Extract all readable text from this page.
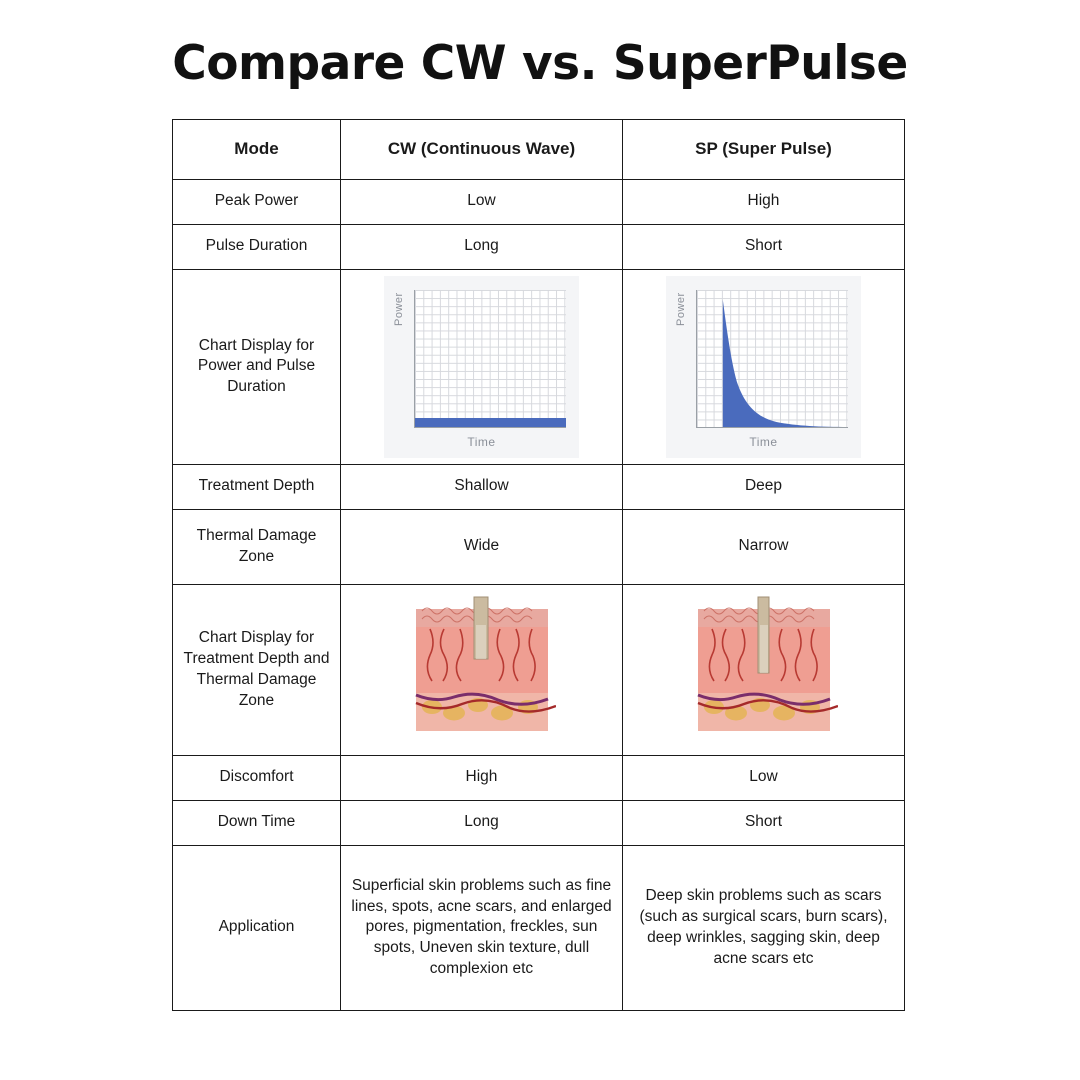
Compare CW vs. SuperPulse
Mode	CW (Continuous Wave)	SP (Super Pulse)
Peak Power	Low	High
Pulse Duration	Long	Short
Chart Display for Power and Pulse Duration	
Power
Time

Power
Time

Treatment Depth	Shallow	Deep
Thermal Damage Zone	Wide	Narrow
Chart Display for Treatment Depth and Thermal Damage Zone	

Discomfort	High	Low
Down Time	Long	Short
Application	Superficial skin problems such as fine lines, spots, acne scars, and enlarged pores, pigmentation, freckles, sun spots, Uneven skin texture, dull complexion etc	Deep skin problems such as scars (such as surgical scars, burn scars), deep wrinkles, sagging skin, deep acne scars etc
